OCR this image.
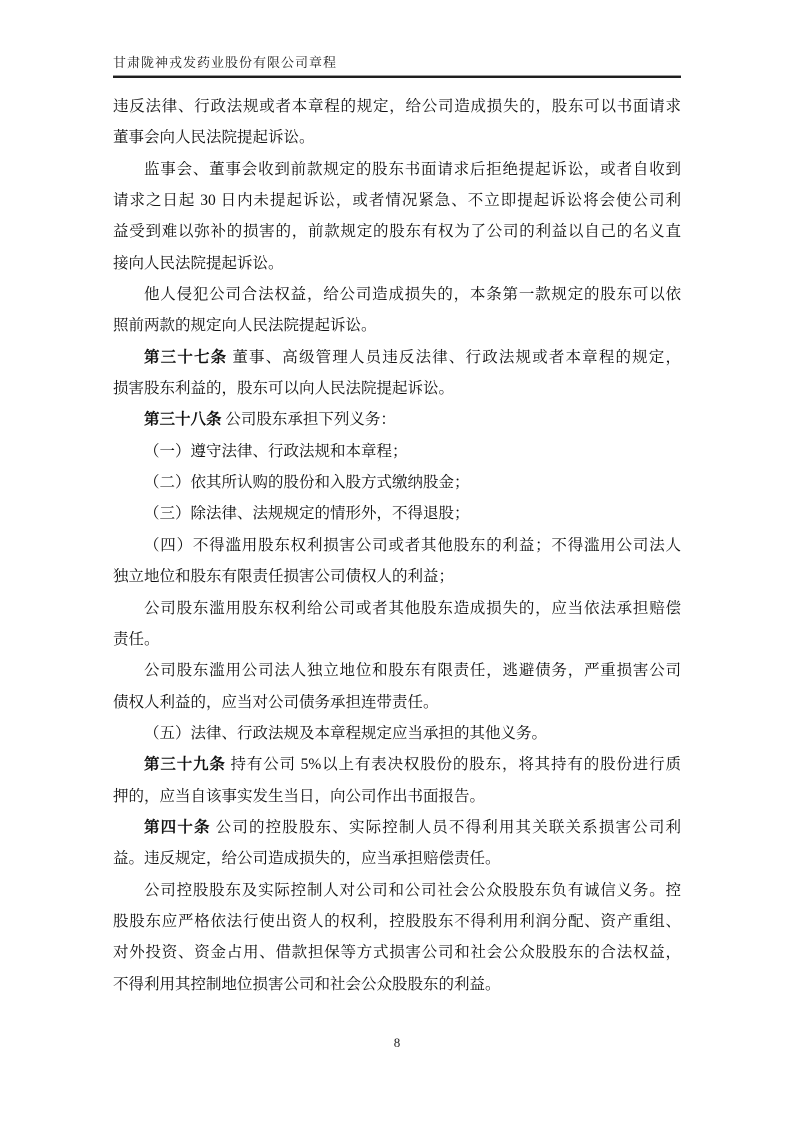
甘肃陇神戎发药业股份有限公司章程
违反法律、行政法规或者本章程的规定，给公司造成损失的，股东可以书面请求
董事会向人民法院提起诉讼。
监事会、董事会收到前款规定的股东书面请求后拒绝提起诉讼，或者自收到
请求之日起 30 日内未提起诉讼，或者情况紧急、不立即提起诉讼将会使公司利
益受到难以弥补的损害的，前款规定的股东有权为了公司的利益以自己的名义直
接向人民法院提起诉讼。
他人侵犯公司合法权益，给公司造成损失的，本条第一款规定的股东可以依
照前两款的规定向人民法院提起诉讼。
第三十七条 董事、高级管理人员违反法律、行政法规或者本章程的规定，
损害股东利益的，股东可以向人民法院提起诉讼。
第三十八条 公司股东承担下列义务：
（一）遵守法律、行政法规和本章程；
（二）依其所认购的股份和入股方式缴纳股金；
（三）除法律、法规规定的情形外，不得退股；
（四）不得滥用股东权利损害公司或者其他股东的利益；不得滥用公司法人
独立地位和股东有限责任损害公司债权人的利益；
公司股东滥用股东权利给公司或者其他股东造成损失的，应当依法承担赔偿
责任。
公司股东滥用公司法人独立地位和股东有限责任，逃避债务，严重损害公司
债权人利益的，应当对公司债务承担连带责任。
（五）法律、行政法规及本章程规定应当承担的其他义务。
第三十九条 持有公司 5%以上有表决权股份的股东，将其持有的股份进行质
押的，应当自该事实发生当日，向公司作出书面报告。
第四十条 公司的控股股东、实际控制人员不得利用其关联关系损害公司利
益。违反规定，给公司造成损失的，应当承担赔偿责任。
公司控股股东及实际控制人对公司和公司社会公众股股东负有诚信义务。控
股股东应严格依法行使出资人的权利，控股股东不得利用利润分配、资产重组、
对外投资、资金占用、借款担保等方式损害公司和社会公众股股东的合法权益，
不得利用其控制地位损害公司和社会公众股股东的利益。
8
